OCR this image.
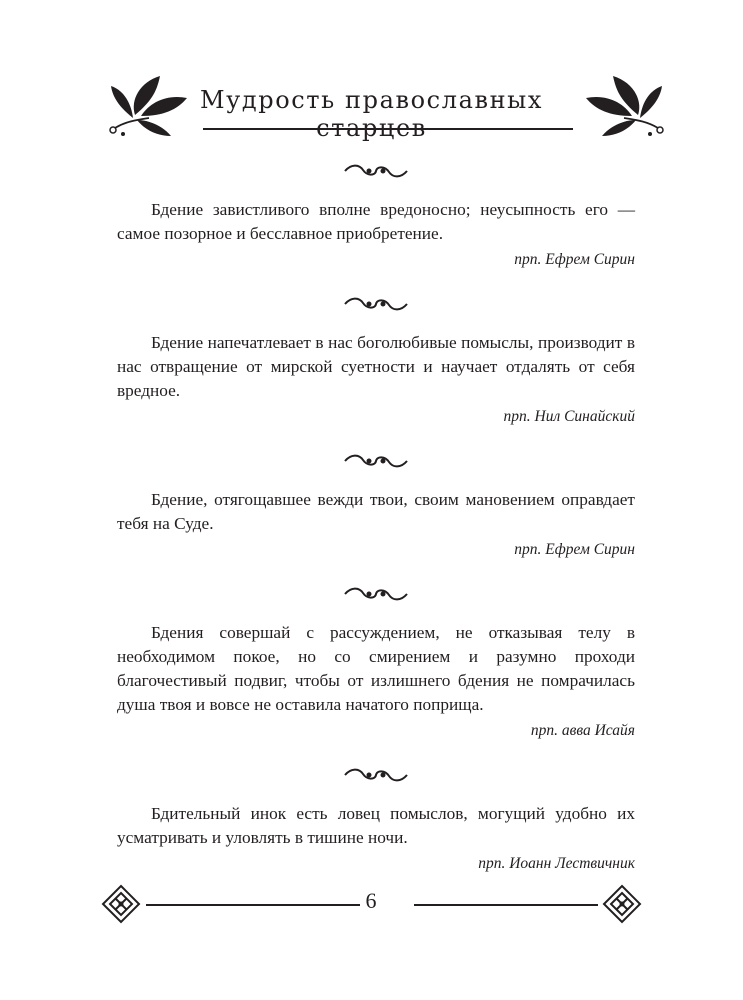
Мудрость православных старцев

Бдение завистливого вполне вредоносно; неусыпность его — самое позорное и бесславное приобретение.

прп. Ефрем Сирин

Бдение напечатлевает в нас боголюбивые помыслы, производит в нас отвращение от мирской суетности и научает отдалять от себя вредное.

прп. Нил Синайский

Бдение, отягощавшее вежди твои, своим мановением оправдает тебя на Суде.

прп. Ефрем Сирин

Бдения совершай с рассуждением, не отказывая телу в необходимом покое, но со смирением и разумно проходи благочестивый подвиг, чтобы от излишнего бдения не помрачилась душа твоя и вовсе не оставила начатого поприща.

прп. авва Исайя

Бдительный инок есть ловец помыслов, могущий удобно их усматривать и уловлять в тишине ночи.

прп. Иоанн Лествичник

6
